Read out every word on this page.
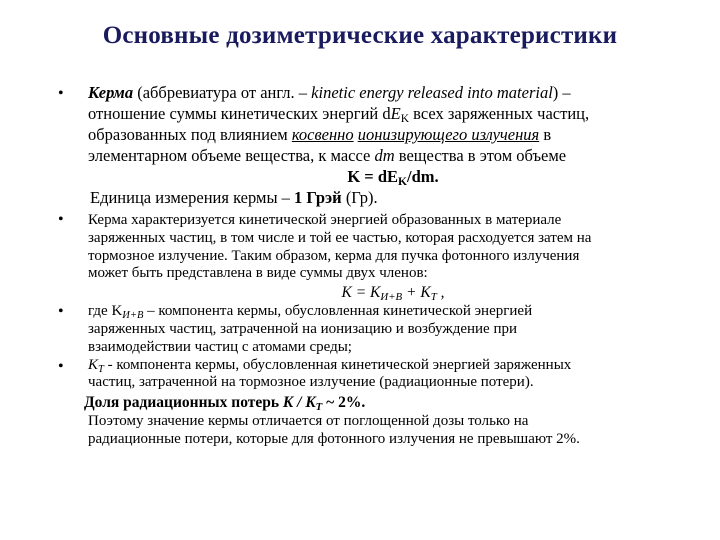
Основные дозиметрические характеристики
•
•
•
•
Керма (аббревиатура от англ. – kinetic energy released into material) –
отношение суммы кинетических энергий $dE_K$ всех заряженных частиц,
образованных под влиянием косвенно ионизирующего излучения в
элементарном объеме вещества, к массе dm вещества в этом объеме
$K = dE_K/dm$.
Единица измерения кермы – 1 Грэй (Гр).
Керма характеризуется кинетической энергией образованных в материале
заряженных частиц, в том числе и той ее частью, которая расходуется затем на
тормозное излучение. Таким образом, керма для пучка фотонного излучения
может быть представлена в виде суммы двух членов:
$K = K_{И+В} + K_T$ ,
где $K_{И+В}$ – компонента кермы, обусловленная кинетической энергией
заряженных частиц, затраченной на ионизацию и возбуждение при
взаимодействии частиц с атомами среды;
$K_T$ - компонента кермы, обусловленная кинетической энергией заряженных
частиц, затраченной на тормозное излучение (радиационные потери).
Доля радиационных потерь K / $K_T$ ~ 2%.
Поэтому значение кермы отличается от поглощенной дозы только на
радиационные потери, которые для фотонного излучения не превышают 2%.
